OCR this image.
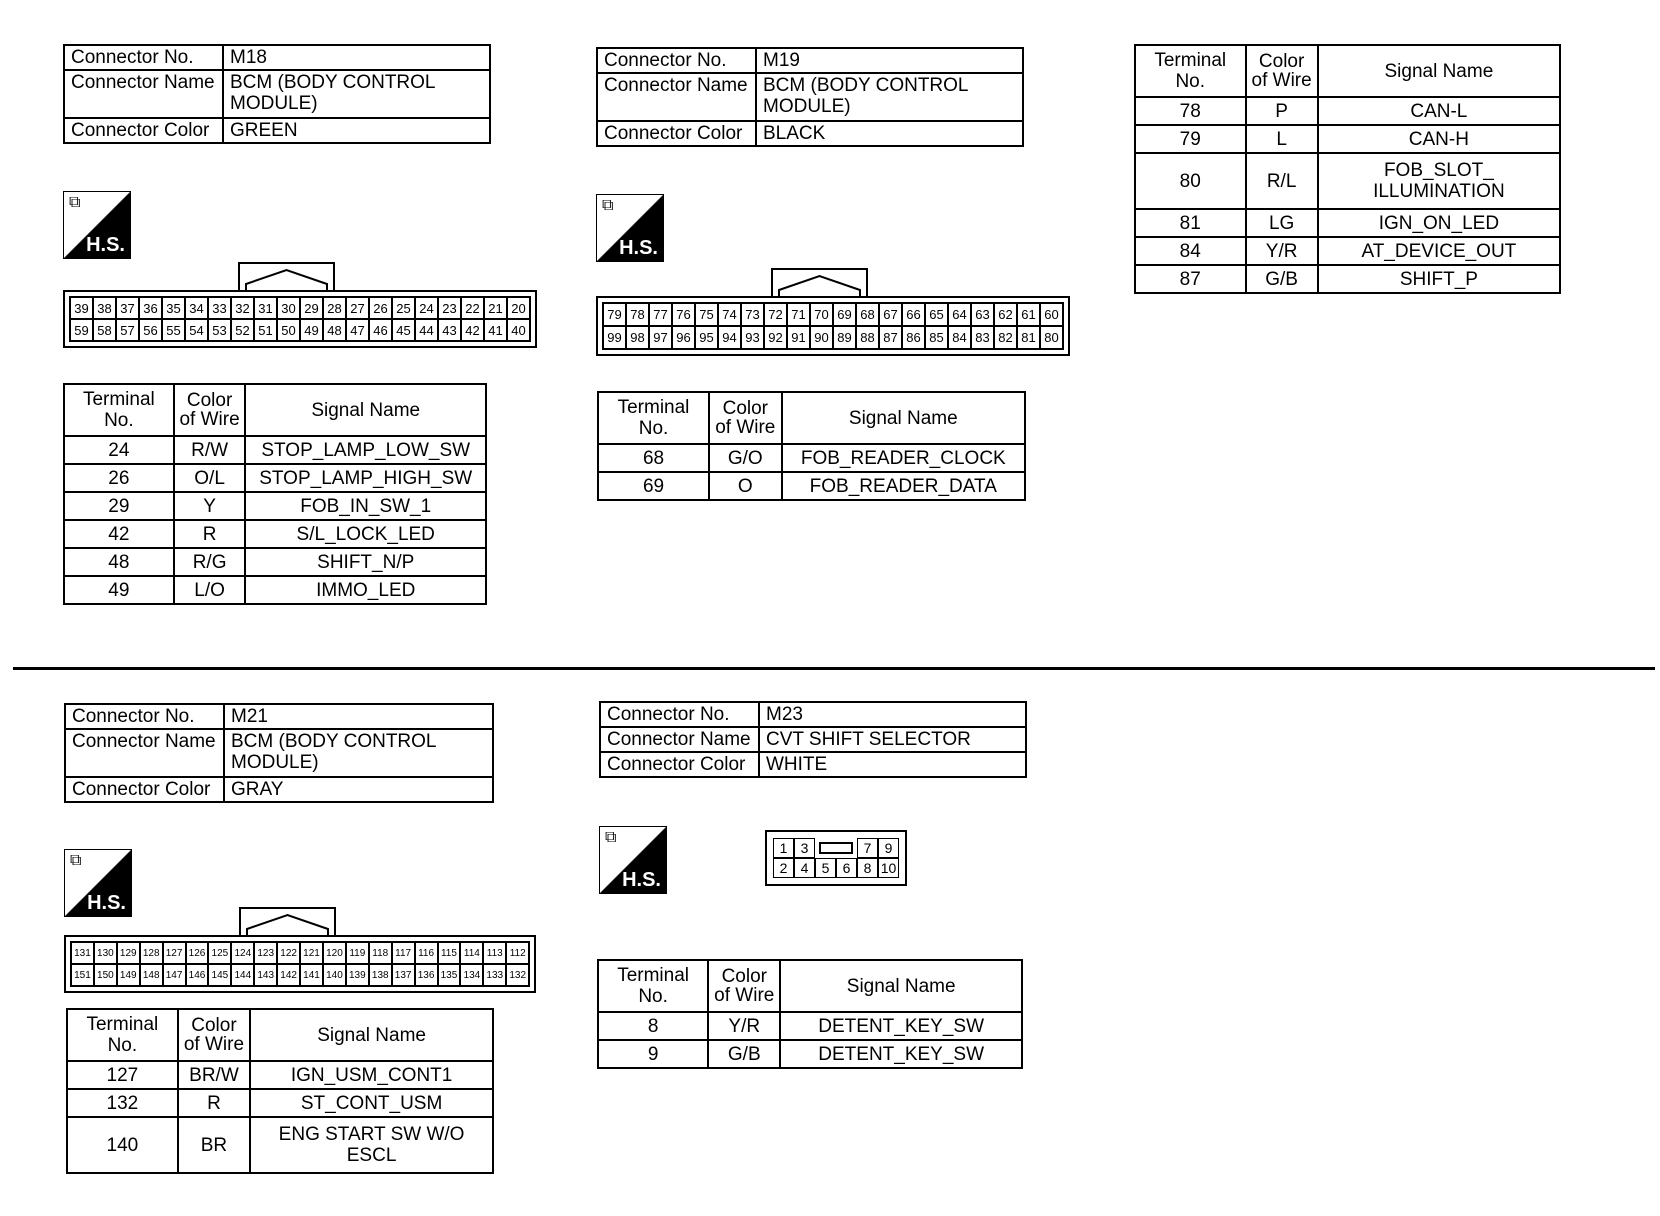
Connector No.	M18
Connector Name	BCM (BODY CONTROL MODULE)
Connector Color	GREEN
⧉
H.S.
39 38 37 36 35 34 33 32 31 30 29 28 27 26 25 24 23 22 21 20
59 58 57 56 55 54 53 52 51 50 49 48 47 46 45 44 43 42 41 40
Terminal No.	Color of Wire	Signal Name
24	R/W	STOP_LAMP_LOW_SW
26	O/L	STOP_LAMP_HIGH_SW
29	Y	FOB_IN_SW_1
42	R	S/L_LOCK_LED
48	R/G	SHIFT_N/P
49	L/O	IMMO_LED
Connector No.	M19
Connector Name	BCM (BODY CONTROL MODULE)
Connector Color	BLACK
⧉
H.S.
79 78 77 76 75 74 73 72 71 70 69 68 67 66 65 64 63 62 61 60
99 98 97 96 95 94 93 92 91 90 89 88 87 86 85 84 83 82 81 80
Terminal No.	Color of Wire	Signal Name
68	G/O	FOB_READER_CLOCK
69	O	FOB_READER_DATA
Terminal No.	Color of Wire	Signal Name
78	P	CAN-L
79	L	CAN-H
80	R/L	FOB_SLOT_ ILLUMINATION
81	LG	IGN_ON_LED
84	Y/R	AT_DEVICE_OUT
87	G/B	SHIFT_P
Connector No.	M21
Connector Name	BCM (BODY CONTROL MODULE)
Connector Color	GRAY
⧉
H.S.
131 130 129 128 127 126 125 124 123 122 121 120 119 118 117 116 115 114 113 112
151 150 149 148 147 146 145 144 143 142 141 140 139 138 137 136 135 134 133 132
Terminal No.	Color of Wire	Signal Name
127	BR/W	IGN_USM_CONT1
132	R	ST_CONT_USM
140	BR	ENG START SW W/O ESCL
Connector No.	M23
Connector Name	CVT SHIFT SELECTOR
Connector Color	WHITE
⧉
H.S.
1 3	7 9
2 4 5 6 8 10
Terminal No.	Color of Wire	Signal Name
8	Y/R	DETENT_KEY_SW
9	G/B	DETENT_KEY_SW
